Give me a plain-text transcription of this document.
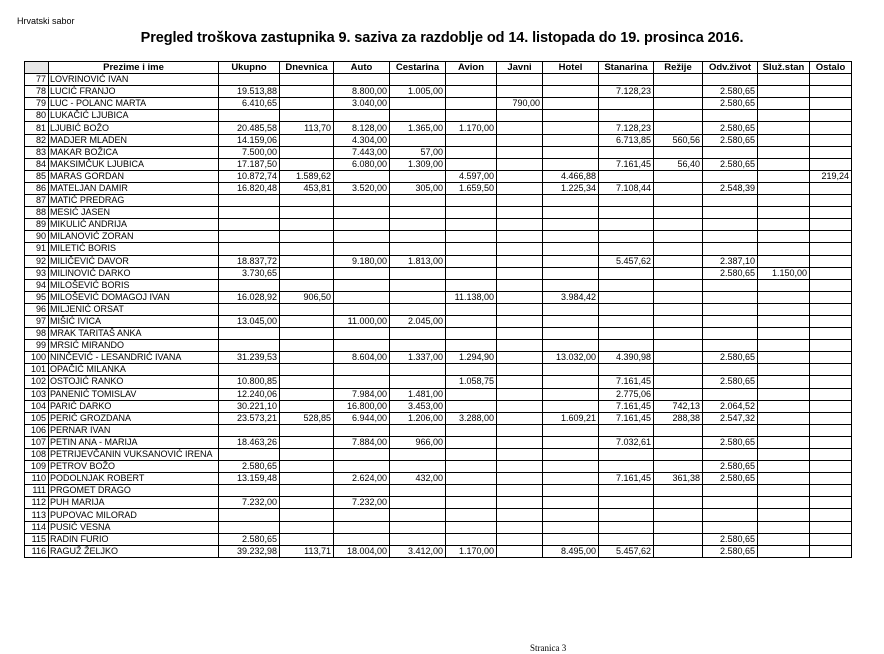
Hrvatski sabor
Pregled troškova zastupnika 9. saziva za razdoblje od 14. listopada do 19. prosinca 2016.
	Prezime i ime	Ukupno	Dnevnica	Auto	Cestarina	Avion	Javni	Hotel	Stanarina	Režije	Odv.život	Služ.stan	Ostalo
77	LOVRINOVIĆ IVAN												
78	LUCIĆ FRANJO	19.513,88		8.800,00	1.005,00				7.128,23		2.580,65		
79	LUC - POLANC MARTA	6.410,65		3.040,00			790,00				2.580,65		
80	LUKAČIĆ LJUBICA												
81	LJUBIĆ BOŽO	20.485,58	113,70	8.128,00	1.365,00	1.170,00			7.128,23		2.580,65		
82	MADJER MLADEN	14.159,06		4.304,00					6.713,85	560,56	2.580,65		
83	MAKAR BOŽICA	7.500,00		7.443,00	57,00								
84	MAKSIMČUK LJUBICA	17.187,50		6.080,00	1.309,00				7.161,45	56,40	2.580,65		
85	MARAS GORDAN	10.872,74	1.589,62			4.597,00		4.466,88					219,24
86	MATELJAN DAMIR	16.820,48	453,81	3.520,00	305,00	1.659,50		1.225,34	7.108,44		2.548,39		
87	MATIĆ PREDRAG												
88	MESIĆ JASEN												
89	MIKULIĆ ANDRIJA												
90	MILANOVIĆ ZORAN												
91	MILETIĆ BORIS												
92	MILIČEVIĆ DAVOR	18.837,72		9.180,00	1.813,00				5.457,62		2.387,10		
93	MILINOVIĆ DARKO	3.730,65									2.580,65	1.150,00	
94	MILOŠEVIĆ BORIS												
95	MILOŠEVIĆ DOMAGOJ IVAN	16.028,92	906,50			11.138,00		3.984,42					
96	MILJENIĆ ORSAT												
97	MIŠIĆ IVICA	13.045,00		11.000,00	2.045,00								
98	MRAK TARITAŠ ANKA												
99	MRSIĆ MIRANDO												
100	NINČEVIĆ - LESANDRIĆ IVANA	31.239,53		8.604,00	1.337,00	1.294,90		13.032,00	4.390,98		2.580,65		
101	OPAČIĆ MILANKA												
102	OSTOJIĆ RANKO	10.800,85				1.058,75			7.161,45		2.580,65		
103	PANENIĆ TOMISLAV	12.240,06		7.984,00	1.481,00				2.775,06				
104	PARIĆ DARKO	30.221,10		16.800,00	3.453,00				7.161,45	742,13	2.064,52		
105	PERIĆ GROZDANA	23.573,21	528,85	6.944,00	1.206,00	3.288,00		1.609,21	7.161,45	288,38	2.547,32		
106	PERNAR IVAN												
107	PETIN ANA - MARIJA	18.463,26		7.884,00	966,00				7.032,61		2.580,65		
108	PETRIJEVČANIN VUKSANOVIĆ IRENA												
109	PETROV BOŽO	2.580,65									2.580,65		
110	PODOLNJAK ROBERT	13.159,48		2.624,00	432,00				7.161,45	361,38	2.580,65		
111	PRGOMET DRAGO												
112	PUH MARIJA	7.232,00		7.232,00									
113	PUPOVAC MILORAD												
114	PUSIĆ VESNA												
115	RADIN FURIO	2.580,65									2.580,65		
116	RAGUŽ ŽELJKO	39.232,98	113,71	18.004,00	3.412,00	1.170,00		8.495,00	5.457,62		2.580,65		
Stranica 3
